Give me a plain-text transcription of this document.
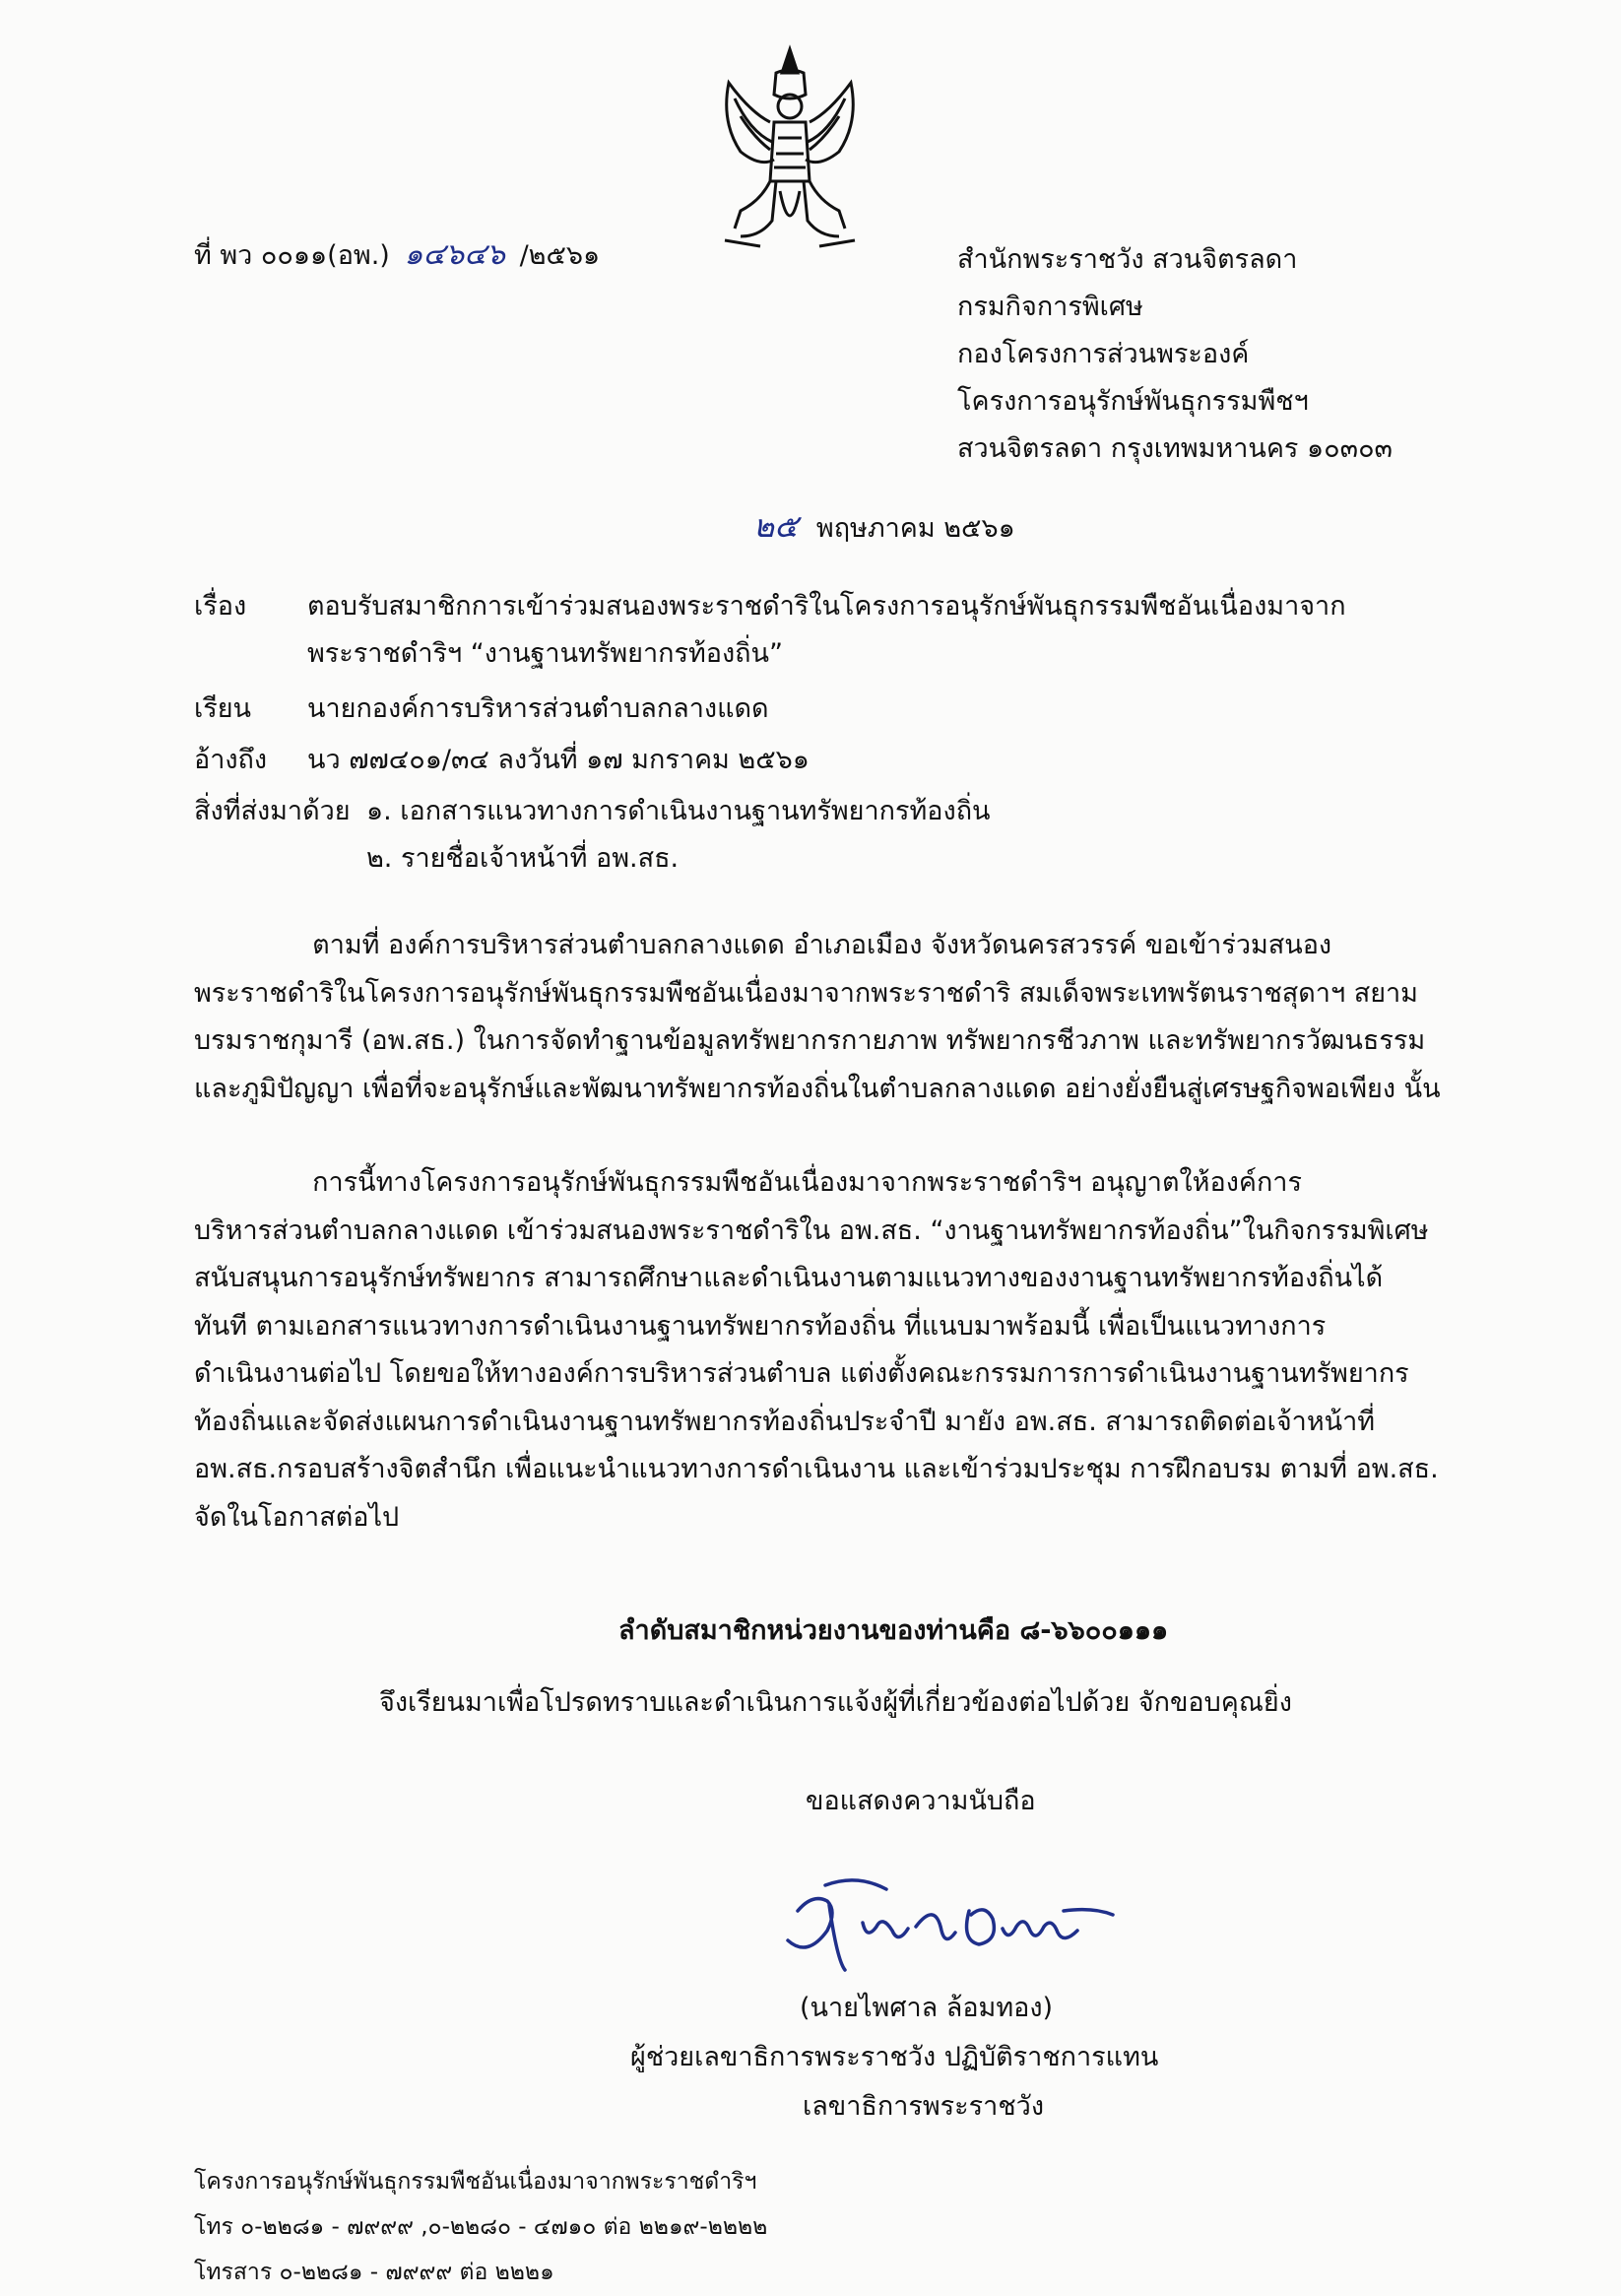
ที่ พว ๐๐๑๑(อพ.) ๑๔๖๔๖ /๒๕๖๑	สำนักพระราชวัง สวนจิตรลดา
กรมกิจการพิเศษ
กองโครงการส่วนพระองค์
โครงการอนุรักษ์พันธุกรรมพืชฯ
สวนจิตรลดา กรุงเทพมหานคร ๑๐๓๐๓
๒๕ พฤษภาคม ๒๕๖๑
เรื่อง ตอบรับสมาชิกการเข้าร่วมสนองพระราชดำริในโครงการอนุรักษ์พันธุกรรมพืชอันเนื่องมาจาก
พระราชดำริฯ “งานฐานทรัพยากรท้องถิ่น”
เรียน นายกองค์การบริหารส่วนตำบลกลางแดด
อ้างถึง นว ๗๗๔๐๑/๓๔ ลงวันที่ ๑๗ มกราคม ๒๕๖๑
สิ่งที่ส่งมาด้วย ๑. เอกสารแนวทางการดำเนินงานฐานทรัพยากรท้องถิ่น
๒. รายชื่อเจ้าหน้าที่ อพ.สธ.
ตามที่ องค์การบริหารส่วนตำบลกลางแดด อำเภอเมือง จังหวัดนครสวรรค์ ขอเข้าร่วมสนอง
พระราชดำริในโครงการอนุรักษ์พันธุกรรมพืชอันเนื่องมาจากพระราชดำริ สมเด็จพระเทพรัตนราชสุดาฯ สยาม
บรมราชกุมารี (อพ.สธ.) ในการจัดทำฐานข้อมูลทรัพยากรกายภาพ ทรัพยากรชีวภาพ และทรัพยากรวัฒนธรรม
และภูมิปัญญา เพื่อที่จะอนุรักษ์และพัฒนาทรัพยากรท้องถิ่นในตำบลกลางแดด อย่างยั่งยืนสู่เศรษฐกิจพอเพียง นั้น
การนี้ทางโครงการอนุรักษ์พันธุกรรมพืชอันเนื่องมาจากพระราชดำริฯ อนุญาตให้องค์การ
บริหารส่วนตำบลกลางแดด เข้าร่วมสนองพระราชดำริใน อพ.สธ. “งานฐานทรัพยากรท้องถิ่น”ในกิจกรรมพิเศษ
สนับสนุนการอนุรักษ์ทรัพยากร สามารถศึกษาและดำเนินงานตามแนวทางของงานฐานทรัพยากรท้องถิ่นได้
ทันที ตามเอกสารแนวทางการดำเนินงานฐานทรัพยากรท้องถิ่น ที่แนบมาพร้อมนี้ เพื่อเป็นแนวทางการ
ดำเนินงานต่อไป โดยขอให้ทางองค์การบริหารส่วนตำบล แต่งตั้งคณะกรรมการการดำเนินงานฐานทรัพยากร
ท้องถิ่นและจัดส่งแผนการดำเนินงานฐานทรัพยากรท้องถิ่นประจำปี มายัง อพ.สธ. สามารถติดต่อเจ้าหน้าที่
อพ.สธ.กรอบสร้างจิตสำนึก เพื่อแนะนำแนวทางการดำเนินงาน และเข้าร่วมประชุม การฝึกอบรม ตามที่ อพ.สธ.
จัดในโอกาสต่อไป
ลำดับสมาชิกหน่วยงานของท่านคือ ๘-๖๖๐๐๑๑๑
จึงเรียนมาเพื่อโปรดทราบและดำเนินการแจ้งผู้ที่เกี่ยวข้องต่อไปด้วย จักขอบคุณยิ่ง
ขอแสดงความนับถือ
(นายไพศาล ล้อมทอง)
ผู้ช่วยเลขาธิการพระราชวัง ปฏิบัติราชการแทน
เลขาธิการพระราชวัง
โครงการอนุรักษ์พันธุกรรมพืชอันเนื่องมาจากพระราชดำริฯ
โทร ๐-๒๒๘๑ - ๗๙๙๙ ,๐-๒๒๘๐ - ๔๗๑๐ ต่อ ๒๒๑๙-๒๒๒๒
โทรสาร ๐-๒๒๘๑ - ๗๙๙๙ ต่อ ๒๒๒๑
